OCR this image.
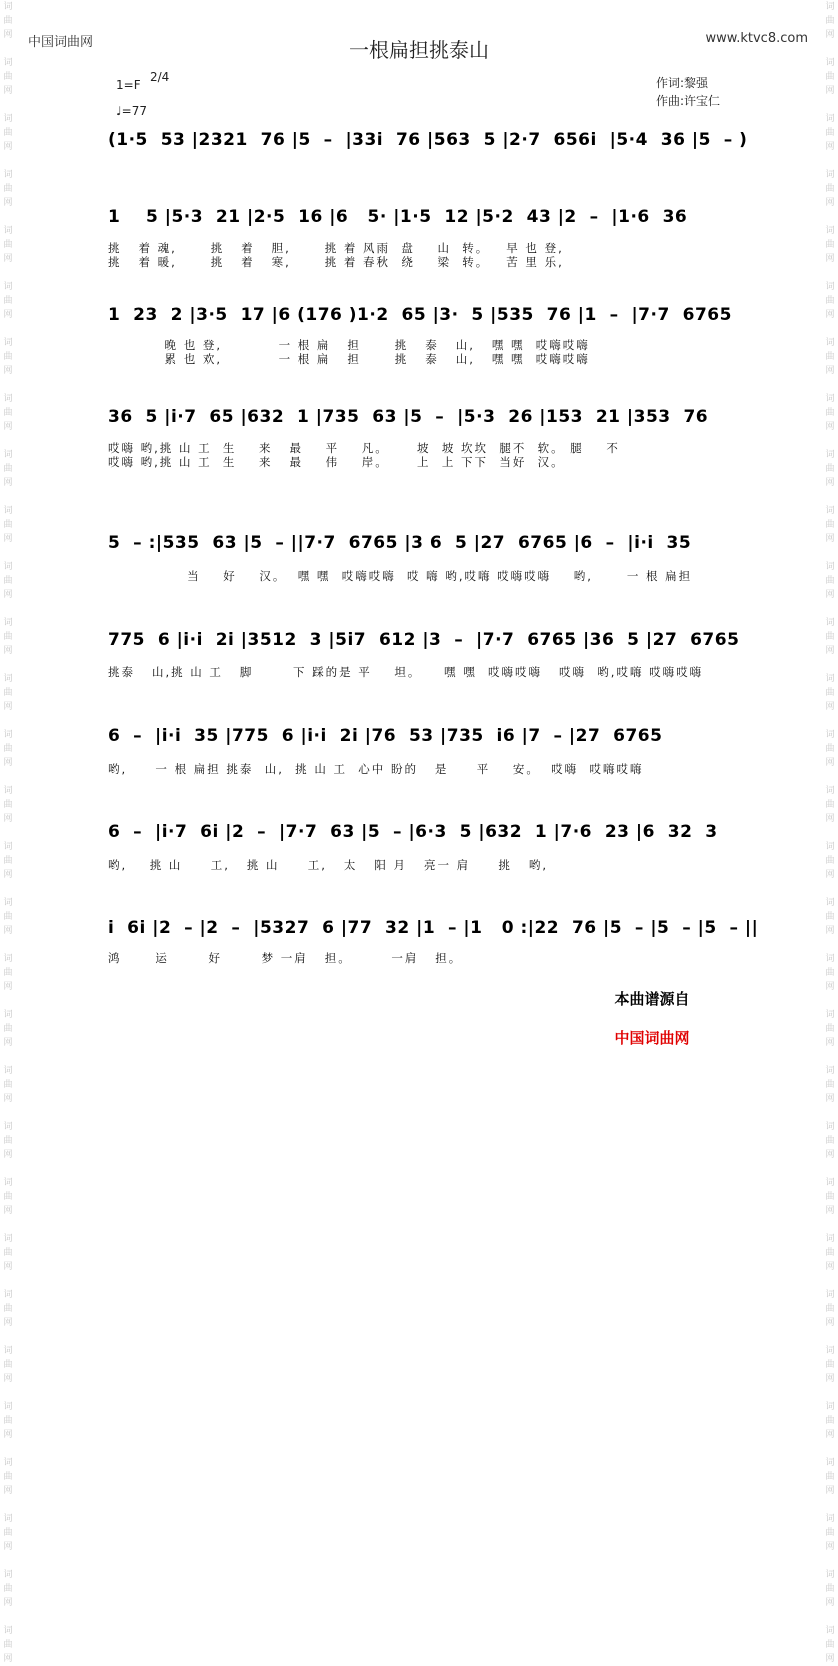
词
曲
网

词
曲
网

词
曲
网

词
曲
网

词
曲
网

词
曲
网

词
曲
网

词
曲
网

词
曲
网

词
曲
网

词
曲
网

词
曲
网

词
曲
网

词
曲
网

词
曲
网

词
曲
网

词
曲
网

词
曲
网

词
曲
网

词
曲
网

词
曲
网

词
曲
网

词
曲
网

词
曲
网

词
曲
网

词
曲
网

词
曲
网

词
曲
网

词
曲
网

词
曲
网

词
曲
网

词
曲
网

词
曲
网

词
曲
网

词
曲
网

词
曲
网

词
曲
网

词
曲
网

词
曲
网

词
曲
网

词
曲
网

词
曲
网

词
曲
网

词
曲
网

词
曲
网

词
曲
网

词
曲
网

词
曲
网

词
曲
网

词
曲
网

词
曲
网

词
曲
网

词
曲
网

词
曲
网

词
曲
网

词
曲
网

词
曲
网

词
曲
网

词
曲
网

词
曲
网

中国词曲网	www.ktvc8.com
一根扁担挑泰山
1=F
2/4
♩=77
作词:黎强
作曲:许宝仁
(1·5  53 |2321  76 |5  –  |33i  76 |563  5 |2·7  656i  |5·4  36 |5  – )
1    5 |5·3  21 |2·5  16 |6   5· |1·5  12 |5·2  43 |2  –  |1·6  36
挑   着 魂,      挑   着   胆,      挑 着 风雨  盘    山  转。   早 也 登,
挑   着 暖,      挑   着   寒,      挑 着 春秋  绕    梁  转。   苦 里 乐,
1  23  2 |3·5  17 |6 (176 )1·2  65 |3·  5 |535  76 |1  –  |7·7  6765
晚 也 登,          一 根 扁   担      挑   泰   山,   嘿 嘿  哎嗨哎嗨
累 也 欢,          一 根 扁   担      挑   泰   山,   嘿 嘿  哎嗨哎嗨
36  5 |i·7  65 |632  1 |735  63 |5  –  |5·3  26 |153  21 |353  76
哎嗨 哟,挑 山 工  生    来   最    平    凡。     坡  坡 坎坎  腿不  软。 腿    不
哎嗨 哟,挑 山 工  生    来   最    伟    岸。     上  上 下下  当好  汉。
5  – :|535  63 |5  – ||7·7  6765 |3 6  5 |27  6765 |6  –  |i·i  35
当    好    汉。  嘿 嘿  哎嗨哎嗨  哎 嗨 哟,哎嗨 哎嗨哎嗨    哟,      一 根 扁担
775  6 |i·i  2i |3512  3 |5i7  612 |3  –  |7·7  6765 |36  5 |27  6765
挑泰   山,挑 山 工   脚       下 踩的是 平    坦。    嘿 嘿  哎嗨哎嗨   哎嗨  哟,哎嗨 哎嗨哎嗨
6  –  |i·i  35 |775  6 |i·i  2i |76  53 |735  i6 |7  – |27  6765
哟,     一 根 扁担 挑泰  山,  挑 山 工  心中 盼的   是     平    安。  哎嗨  哎嗨哎嗨
6  –  |i·7  6i |2  –  |7·7  63 |5  – |6·3  5 |632  1 |7·6  23 |6  32  3
哟,    挑 山     工,   挑 山     工,   太   阳 月   亮一 肩     挑   哟,
i  6i |2  – |2  –  |5327  6 |77  32 |1  – |1   0 :|22  76 |5  – |5  – |5  – ||
鸿      运       好       梦 一肩   担。       一肩   担。

本曲谱源自

中国词曲网
